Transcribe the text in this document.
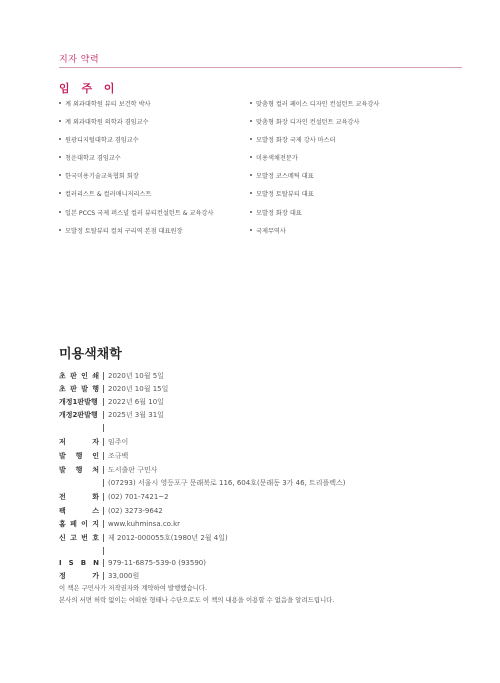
지자 약력
임 주 이
계 외과대학원 뷰티 보건학 박사
계 외과대학원 의학과 겸임교수
원광디지털대학교 겸임교수
청운대학교 겸임교수
한국미용기술교육협회 회장
컬러리스트 & 컬러매니저리스트
일본 PCCS 국제 퍼스널 컬러 뷰티컨설턴트 & 교육강사
모발정 토탈뷰티 컬쳐 구리역 본점 대표원장
맞춤형 컬러 페이스 디자인 컨설턴트 교육강사
맞춤형 화장 디자인 컨설턴트 교육강사
모발정 화장 국제 강사 마스터
미용색채전문가
모발정 코스메틱 대표
모발정 토탈뷰티 대표
모발정 화장 대표
국제무역사
미용색채학
초 판 인 쇄 2020년 10월 5일
초 판 발 행 2020년 10월 15일
개정1판발행 2022년 6월 10일
개정2판발행 2025년 3월 31일
저 자 임주이
발 행 인 조규백
발 행 처 도서출판 구민사
(07293) 서울시 영등포구 문래북로 116, 604호(문래동 3가 46, 트리플렉스)
전 화 (02) 701-7421~2
팩 스 (02) 3273-9642
홈 페 이 지 www.kuhminsa.co.kr
신 고 번 호 제 2012-000055호(1980년 2월 4일)
I S B N 979-11-6875-539-0 (93590)
정 가 33,000원
이 책은 구민사가 저작권자와 계약하여 발행했습니다.
본사의 서면 허락 없이는 어떠한 형태나 수단으로도 이 책의 내용을 이용할 수 없음을 알려드립니다.
